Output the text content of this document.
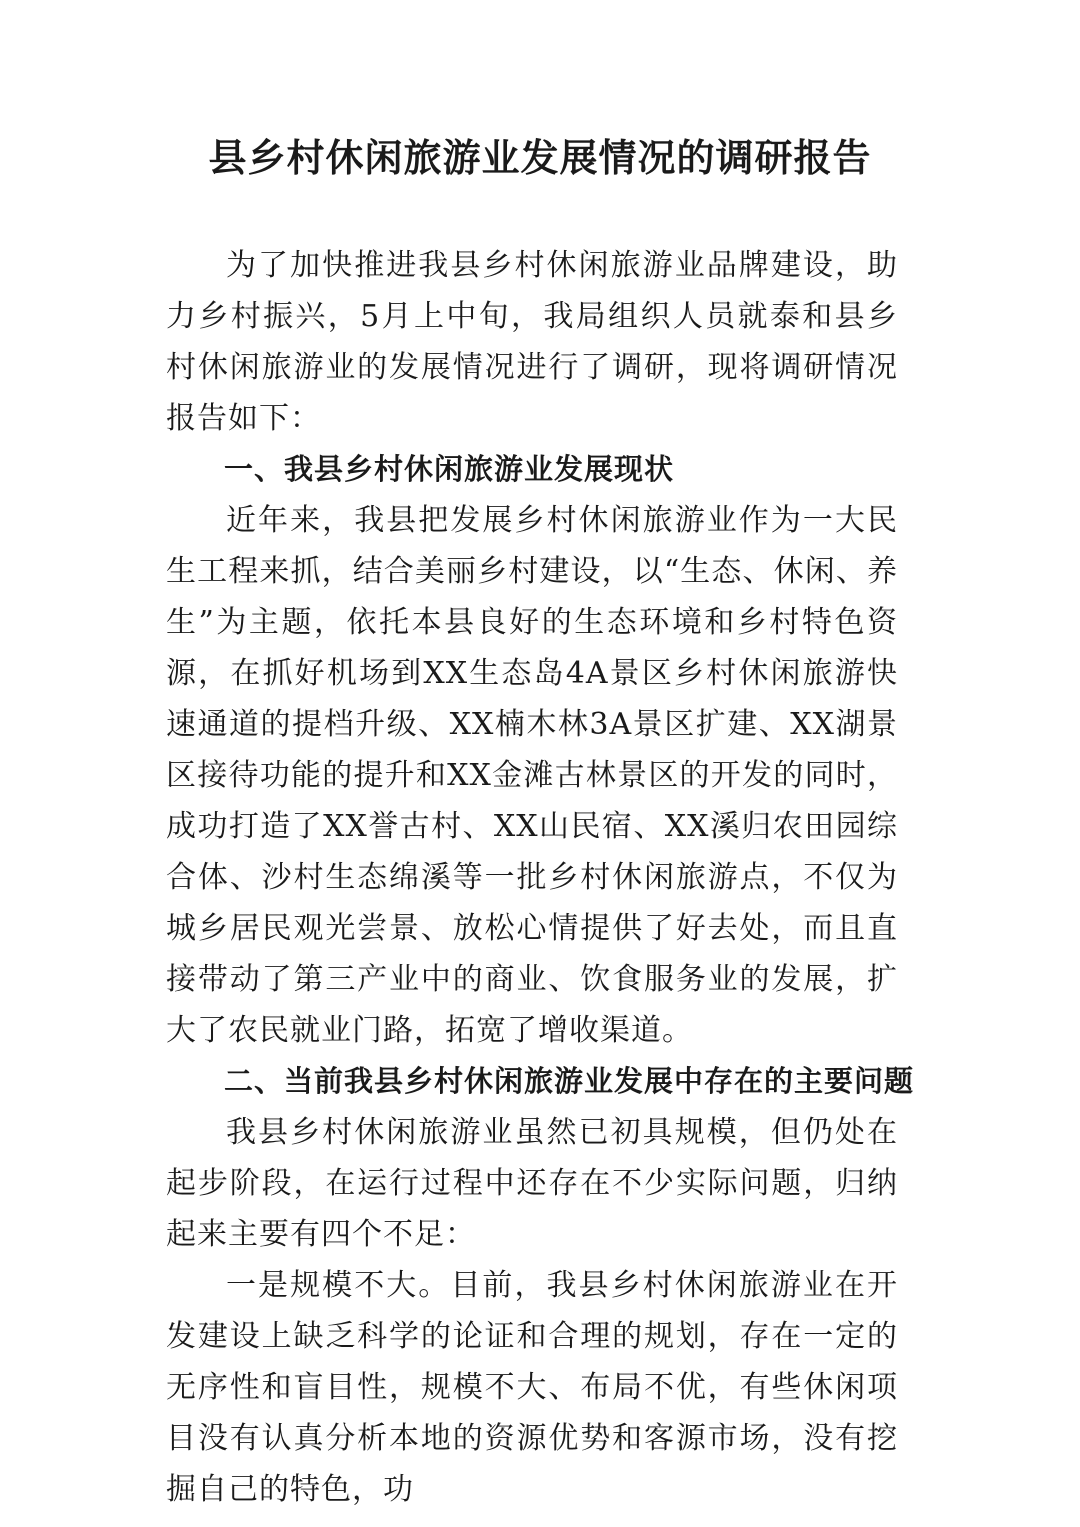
县乡村休闲旅游业发展情况的调研报告

为了加快推进我县乡村休闲旅游业品牌建设，助力乡村振兴，5月上中旬，我局组织人员就泰和县乡村休闲旅游业的发展情况进行了调研，现将调研情况报告如下：

一、我县乡村休闲旅游业发展现状

近年来，我县把发展乡村休闲旅游业作为一大民生工程来抓，结合美丽乡村建设，以“生态、休闲、养生”为主题，依托本县良好的生态环境和乡村特色资源，在抓好机场到XX生态岛4A景区乡村休闲旅游快速通道的提档升级、XX楠木林3A景区扩建、XX湖景区接待功能的提升和XX金滩古林景区的开发的同时，成功打造了XX誉古村、XX山民宿、XX溪归农田园综合体、沙村生态绵溪等一批乡村休闲旅游点，不仅为城乡居民观光尝景、放松心情提供了好去处，而且直接带动了第三产业中的商业、饮食服务业的发展，扩大了农民就业门路，拓宽了增收渠道。

二、当前我县乡村休闲旅游业发展中存在的主要问题

我县乡村休闲旅游业虽然已初具规模，但仍处在起步阶段，在运行过程中还存在不少实际问题，归纳起来主要有四个不足：

一是规模不大。目前，我县乡村休闲旅游业在开发建设上缺乏科学的论证和合理的规划，存在一定的无序性和盲目性，规模不大、布局不优，有些休闲项目没有认真分析本地的资源优势和客源市场，没有挖掘自己的特色，功
